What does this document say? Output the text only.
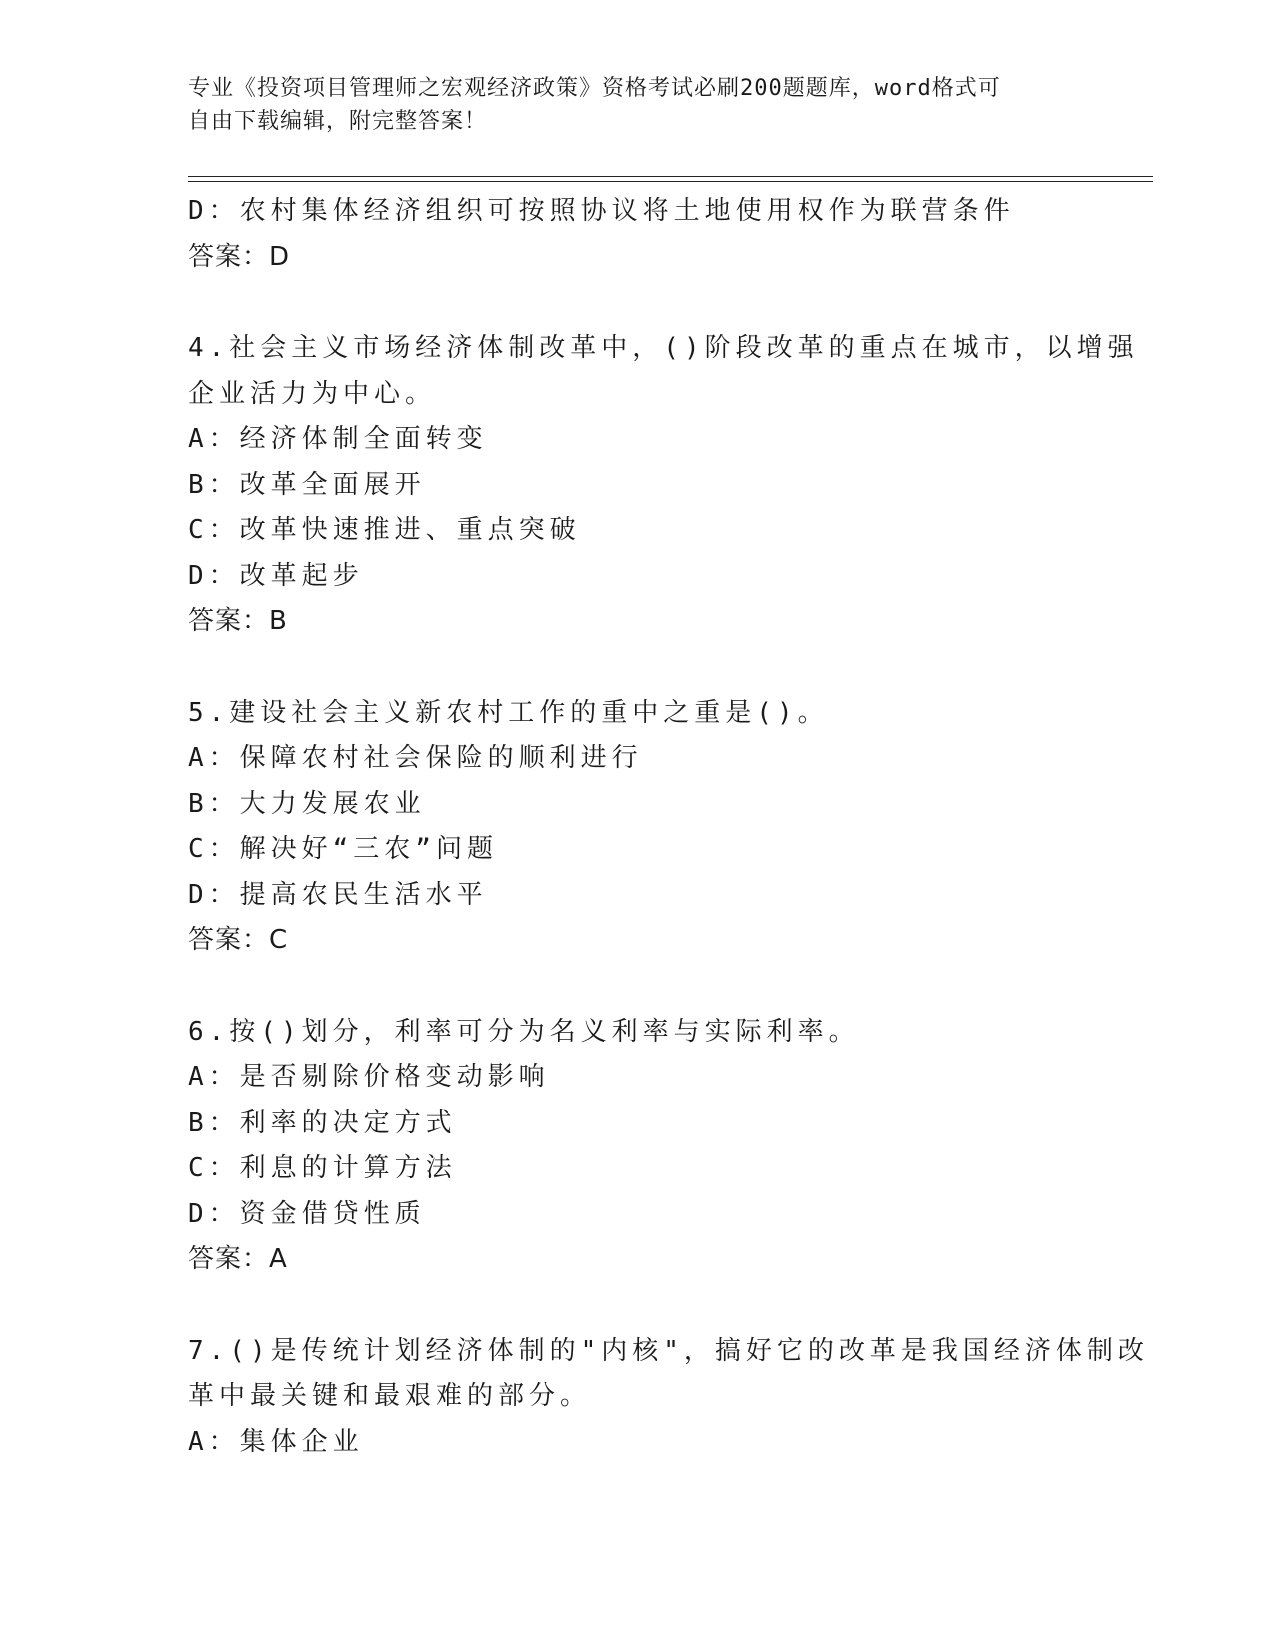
专业《投资项目管理师之宏观经济政策》资格考试必刷200题题库，word格式可
自由下载编辑，附完整答案！
D：农村集体经济组织可按照协议将土地使用权作为联营条件
答案：D
4.社会主义市场经济体制改革中，()阶段改革的重点在城市，以增强
企业活力为中心。
A：经济体制全面转变
B：改革全面展开
C：改革快速推进、重点突破
D：改革起步
答案：B
5.建设社会主义新农村工作的重中之重是()。
A：保障农村社会保险的顺利进行
B：大力发展农业
C：解决好“三农”问题
D：提高农民生活水平
答案：C
6.按()划分，利率可分为名义利率与实际利率。
A：是否剔除价格变动影响
B：利率的决定方式
C：利息的计算方法
D：资金借贷性质
答案：A
7.()是传统计划经济体制的"内核"，搞好它的改革是我国经济体制改
革中最关键和最艰难的部分。
A：集体企业
